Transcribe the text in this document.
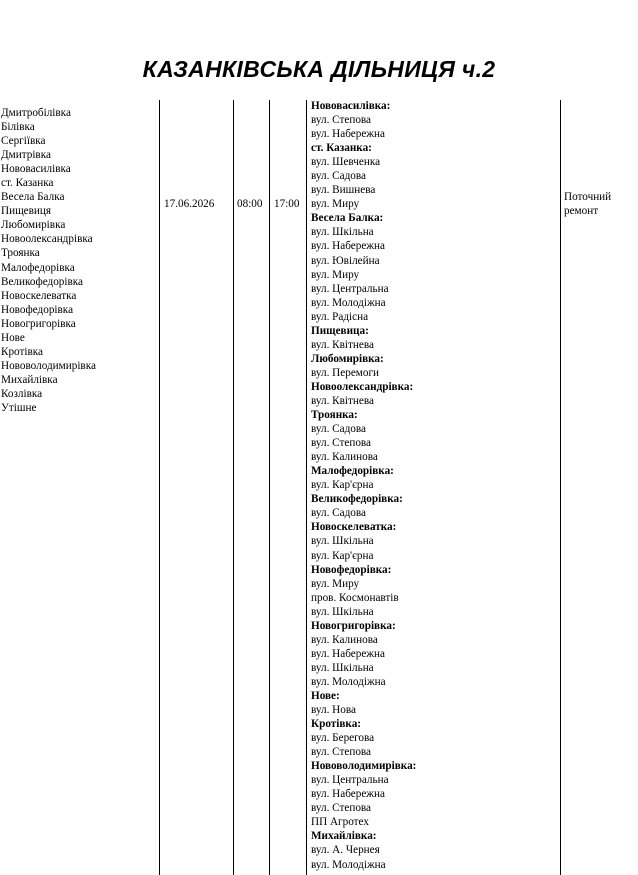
КАЗАНКІВСЬКА ДІЛЬНИЦЯ ч.2
Дмитробілівка
Білівка
Сергіївка
Дмитрівка
Нововасилівка
ст. Казанка
Весела Балка
Пищевиця
Любомирівка
Новоолександрівка
Троянка
Малофедорівка
Великофедорівка
Новоскелеватка
Новофедорівка
Новогригорівка
Нове
Кротівка
Нововолодимирівка
Михайлівка
Козлівка
Утішне
17.06.2026 08:00 17:00
Нововасилівка:
вул. Степова
вул. Набережна
ст. Казанка:
вул. Шевченка
вул. Садова
вул. Вишнева
вул. Миру
Весела Балка:
вул. Шкільна
вул. Набережна
вул. Ювілейна
вул. Миру
вул. Центральна
вул. Молодіжна
вул. Радісна
Пищевица:
вул. Квітнева
Любомирівка:
вул. Перемоги
Новоолександрівка:
вул. Квітнева
Троянка:
вул. Садова
вул. Степова
вул. Калинова
Малофедорівка:
вул. Кар'єрна
Великофедорівка:
вул. Садова
Новоскелеватка:
вул. Шкільна
вул. Кар'єрна
Новофедорівка:
вул. Миру
пров. Космонавтів
вул. Шкільна
Новогригорівка:
вул. Калинова
вул. Набережна
вул. Шкільна
вул. Молодіжна
Нове:
вул. Нова
Кротівка:
вул. Берегова
вул. Степова
Нововолодимирівка:
вул. Центральна
вул. Набережна
вул. Степова
ПП Агротех
Михайлівка:
вул. А. Чернея
вул. Молодіжна
Поточний ремонт
